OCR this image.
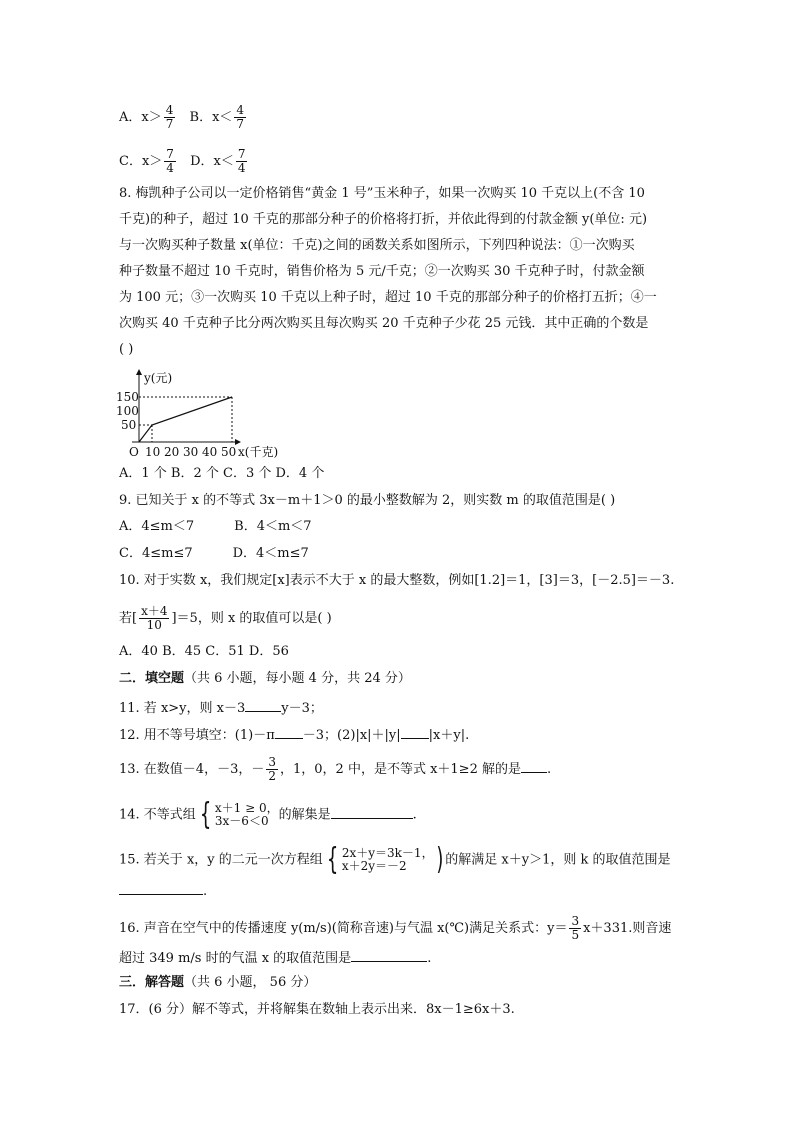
A．$x> \frac{4}{7}$ B．$x< \frac{4}{7}$
C．$x> \frac{7}{4}$ D．$x< \frac{7}{4}$
8. 梅凯种子公司以一定价格销售“黄金 1 号”玉米种子，如果一次购买 10 千克以上(不含 10
千克)的种子，超过 10 千克的那部分种子的价格将打折，并依此得到的付款金额 y(单位: 元)
与一次购买种子数量 x(单位：千克)之间的函数关系如图所示，下列四种说法：①一次购买
种子数量不超过 10 千克时，销售价格为 5 元/千克；②一次购买 30 千克种子时，付款金额
为 100 元；③一次购买 10 千克以上种子时，超过 10 千克的那部分种子的价格打五折；④一
次购买 40 千克种子比分两次购买且每次购买 20 千克种子少花 25 元钱．其中正确的个数是
( )
y(元)
150
100
50
O 10 20 30 40 50 x(千克)
A．1 个 B．2 个 C．3 个 D．4 个
9. 已知关于 x 的不等式 3x－m＋1＞0 的最小整数解为 2，则实数 m 的取值范围是( )
A．4≤m＜7	B．4＜m＜7
C．4≤m≤7	D．4＜m≤7
10. 对于实数 x，我们规定[x]表示不大于 x 的最大整数，例如[1.2]＝1，[3]＝3，[－2.5]＝－3.
若[ $\frac{x+4}{10} ]=5$，则 x 的取值可以是( )
A．40 B．45 C．51 D．56
二．填空题（共 6 小题，每小题 4 分，共 24 分）
11. 若 x>y，则 x－3	y－3；
12. 用不等号填空：(1)－π －3；(2)|x|＋|y| |x＋y|.
13. 在数值－4，－3，－ $\frac{3}{2}$ ，1，0，2 中，是不等式 x＋1≥2 解的是 .
14. 不等式组 { x＋1 ≥ 0，
3x－6＜0 的解集是	.
15. 若关于 x，y 的二元一次方程组 { 2x＋y＝3k－1，
x＋2y＝－2 ) 的解满足 x＋y＞1，则 k 的取值范围是
.
16. 声音在空气中的传播速度 y(m/s)(简称音速)与气温 x(℃)满足关系式：$y= \frac{3}{5} x+331$.则音速
超过 349 m/s 时的气温 x 的取值范围是	.
三．解答题（共 6 小题， 56 分）
17．(6 分）解不等式，并将解集在数轴上表示出来．8x－1≥6x＋3.
